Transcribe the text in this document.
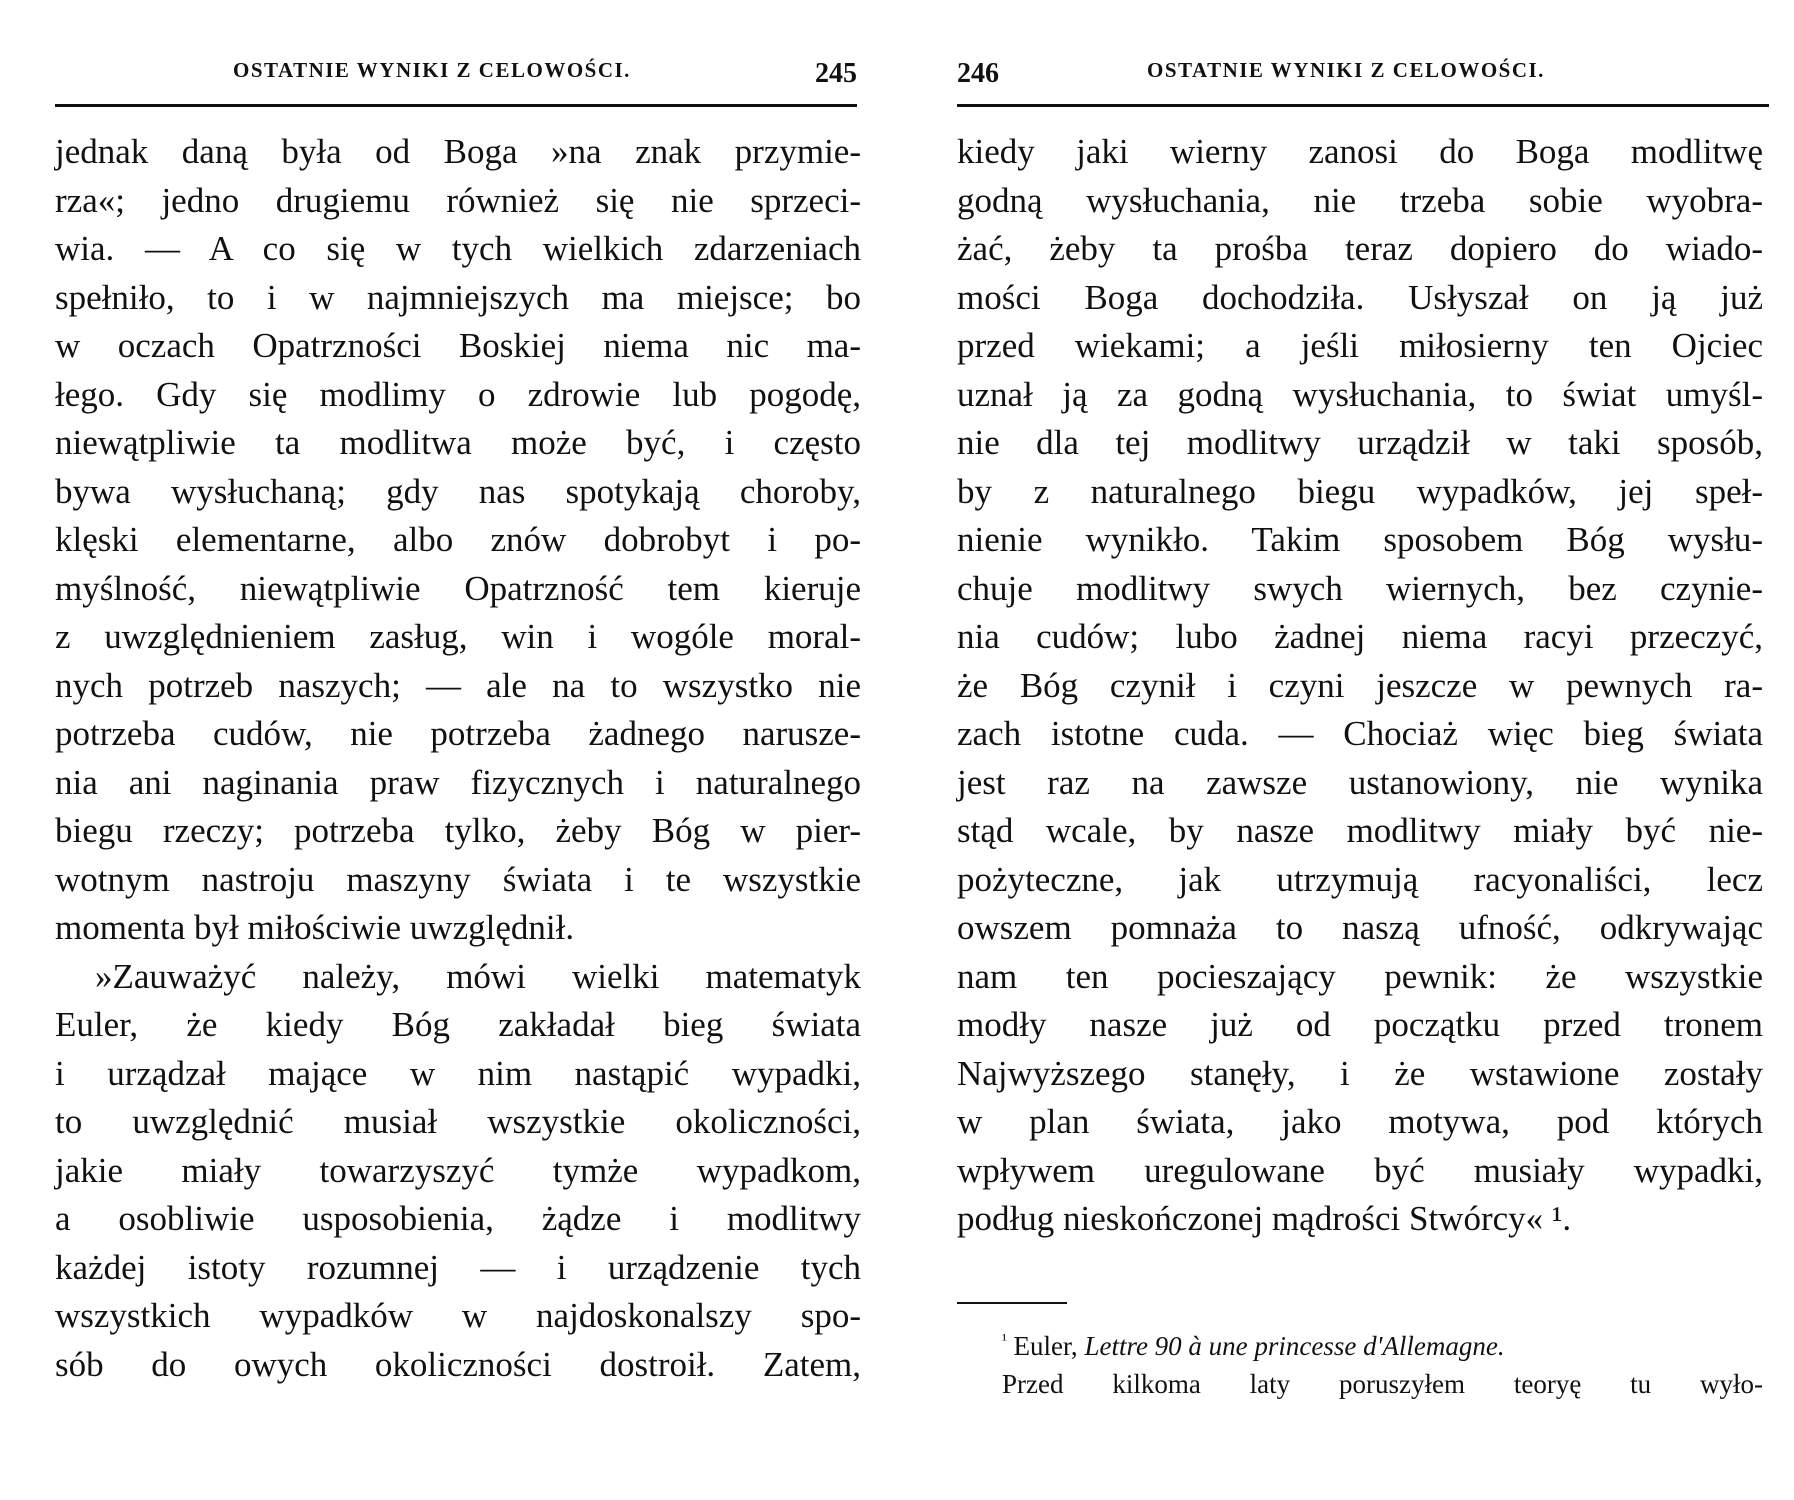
OSTATNIE WYNIKI Z CELOWOŚCI.	245
jednak daną była od Boga »na znak przymie-
rza«; jedno drugiemu również się nie sprzeci-
wia. — A co się w tych wielkich zdarzeniach
spełniło, to i w najmniejszych ma miejsce; bo
w oczach Opatrzności Boskiej niema nic ma-
łego. Gdy się modlimy o zdrowie lub pogodę,
niewątpliwie ta modlitwa może być, i często
bywa wysłuchaną; gdy nas spotykają choroby,
klęski elementarne, albo znów dobrobyt i po-
myślność, niewątpliwie Opatrzność tem kieruje
z uwzględnieniem zasług, win i wogóle moral-
nych potrzeb naszych; — ale na to wszystko nie
potrzeba cudów, nie potrzeba żadnego narusze-
nia ani naginania praw fizycznych i naturalnego
biegu rzeczy; potrzeba tylko, żeby Bóg w pier-
wotnym nastroju maszyny świata i te wszystkie
momenta był miłościwie uwzględnił.
»Zauważyć należy, mówi wielki matematyk
Euler, że kiedy Bóg zakładał bieg świata
i urządzał mające w nim nastąpić wypadki,
to uwzględnić musiał wszystkie okoliczności,
jakie miały towarzyszyć tymże wypadkom,
a osobliwie usposobienia, żądze i modlitwy
każdej istoty rozumnej — i urządzenie tych
wszystkich wypadków w najdoskonalszy spo-
sób do owych okoliczności dostroił. Zatem,
246	OSTATNIE WYNIKI Z CELOWOŚCI.
kiedy jaki wierny zanosi do Boga modlitwę
godną wysłuchania, nie trzeba sobie wyobra-
żać, żeby ta prośba teraz dopiero do wiado-
mości Boga dochodziła. Usłyszał on ją już
przed wiekami; a jeśli miłosierny ten Ojciec
uznał ją za godną wysłuchania, to świat umyśl-
nie dla tej modlitwy urządził w taki sposób,
by z naturalnego biegu wypadków, jej speł-
nienie wynikło. Takim sposobem Bóg wysłu-
chuje modlitwy swych wiernych, bez czynie-
nia cudów; lubo żadnej niema racyi przeczyć,
że Bóg czynił i czyni jeszcze w pewnych ra-
zach istotne cuda. — Chociaż więc bieg świata
jest raz na zawsze ustanowiony, nie wynika
stąd wcale, by nasze modlitwy miały być nie-
pożyteczne, jak utrzymują racyonaliści, lecz
owszem pomnaża to naszą ufność, odkrywając
nam ten pocieszający pewnik: że wszystkie
modły nasze już od początku przed tronem
Najwyższego stanęły, i że wstawione zostały
w plan świata, jako motywa, pod których
wpływem uregulowane być musiały wypadki,
podług nieskończonej mądrości Stwórcy« ¹.
$^{^1}$ Euler, Lettre 90 à une princesse d'Allemagne.
Przed kilkoma laty poruszyłem teoryę tu wyło-
